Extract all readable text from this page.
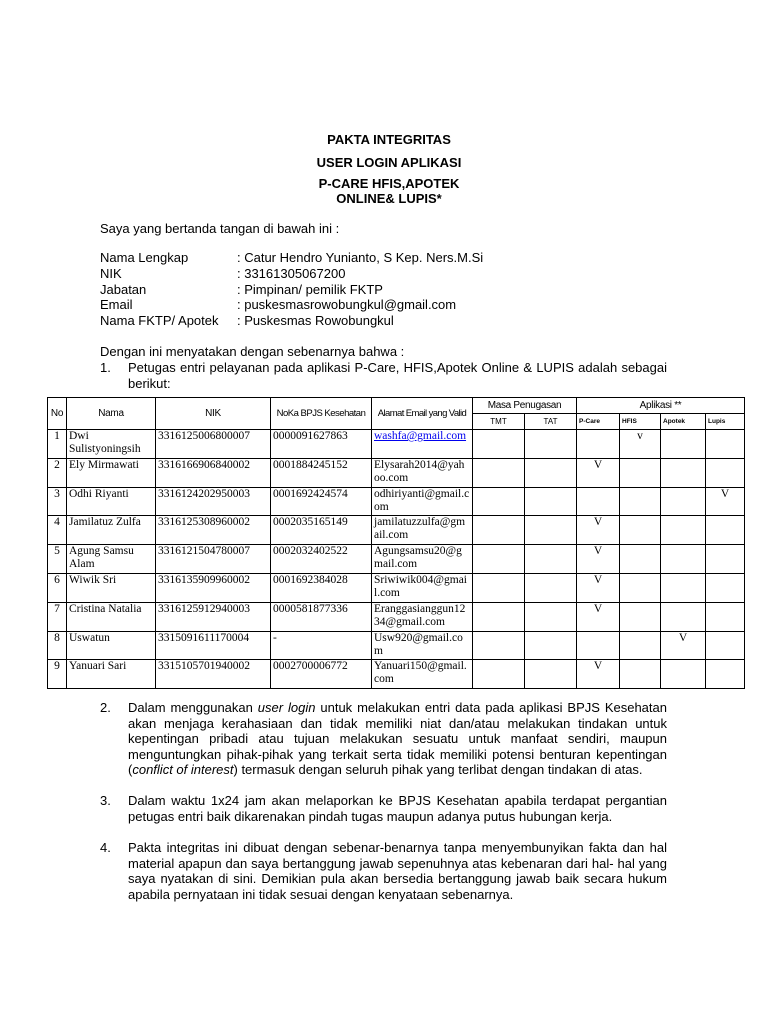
PAKTA INTEGRITAS
USER LOGIN APLIKASI
P-CARE HFIS,APOTEK
ONLINE& LUPIS*
Saya yang bertanda tangan di bawah ini :
Nama Lengkap	: Catur Hendro Yunianto, S Kep. Ners.M.Si
NIK	: 33161305067200
Jabatan	: Pimpinan/ pemilik FKTP
Email	: puskesmasrowobungkul@gmail.com
Nama FKTP/ Apotek : Puskesmas Rowobungkul
Dengan ini menyatakan dengan sebenarnya bahwa :
1. Petugas entri pelayanan pada aplikasi P-Care, HFIS,Apotek Online & LUPIS adalah sebagai berikut:
No	Nama	NIK	NoKa BPJS Kesehatan	Alamat Email yang Valid	Masa Penugasan		Aplikasi **			
					TMT	TAT	P-Care	HFIS	Apotek	Lupis
1	Dwi Sulistyoningsih	3316125006800007	0000091627863	washfa@gmail.com				v		
2	Ely Mirmawati	3316166906840002	0001884245152	Elysarah2014@yahoo.com			V			
3	Odhi Riyanti	3316124202950003	0001692424574	odhiriyanti@gmail.com						V
4	Jamilatuz Zulfa	3316125308960002	0002035165149	jamilatuzzulfa@gmail.com			V			
5	Agung Samsu Alam	3316121504780007	0002032402522	Agungsamsu20@gmail.com			V			
6	Wiwik Sri	3316135909960002	0001692384028	Sriwiwik004@gmail.com			V			
7	Cristina Natalia	3316125912940003	0000581877336	Eranggasianggun1234@gmail.com			V			
8	Uswatun	3315091611170004	-	Usw920@gmail.com					V	
9	Yanuari Sari	3315105701940002	0002700006772	Yanuari150@gmail.com			V			
2. Dalam menggunakan user login untuk melakukan entri data pada aplikasi BPJS Kesehatan akan menjaga kerahasiaan dan tidak memiliki niat dan/atau melakukan tindakan untuk kepentingan pribadi atau tujuan melakukan sesuatu untuk manfaat sendiri, maupun menguntungkan pihak-pihak yang terkait serta tidak memiliki potensi benturan kepentingan (conflict of interest) termasuk dengan seluruh pihak yang terlibat dengan tindakan di atas.
3. Dalam waktu 1x24 jam akan melaporkan ke BPJS Kesehatan apabila terdapat pergantian petugas entri baik dikarenakan pindah tugas maupun adanya putus hubungan kerja.
4. Pakta integritas ini dibuat dengan sebenar-benarnya tanpa menyembunyikan fakta dan hal material apapun dan saya bertanggung jawab sepenuhnya atas kebenaran dari hal- hal yang saya nyatakan di sini. Demikian pula akan bersedia bertanggung jawab baik secara hukum apabila pernyataan ini tidak sesuai dengan kenyataan sebenarnya.
